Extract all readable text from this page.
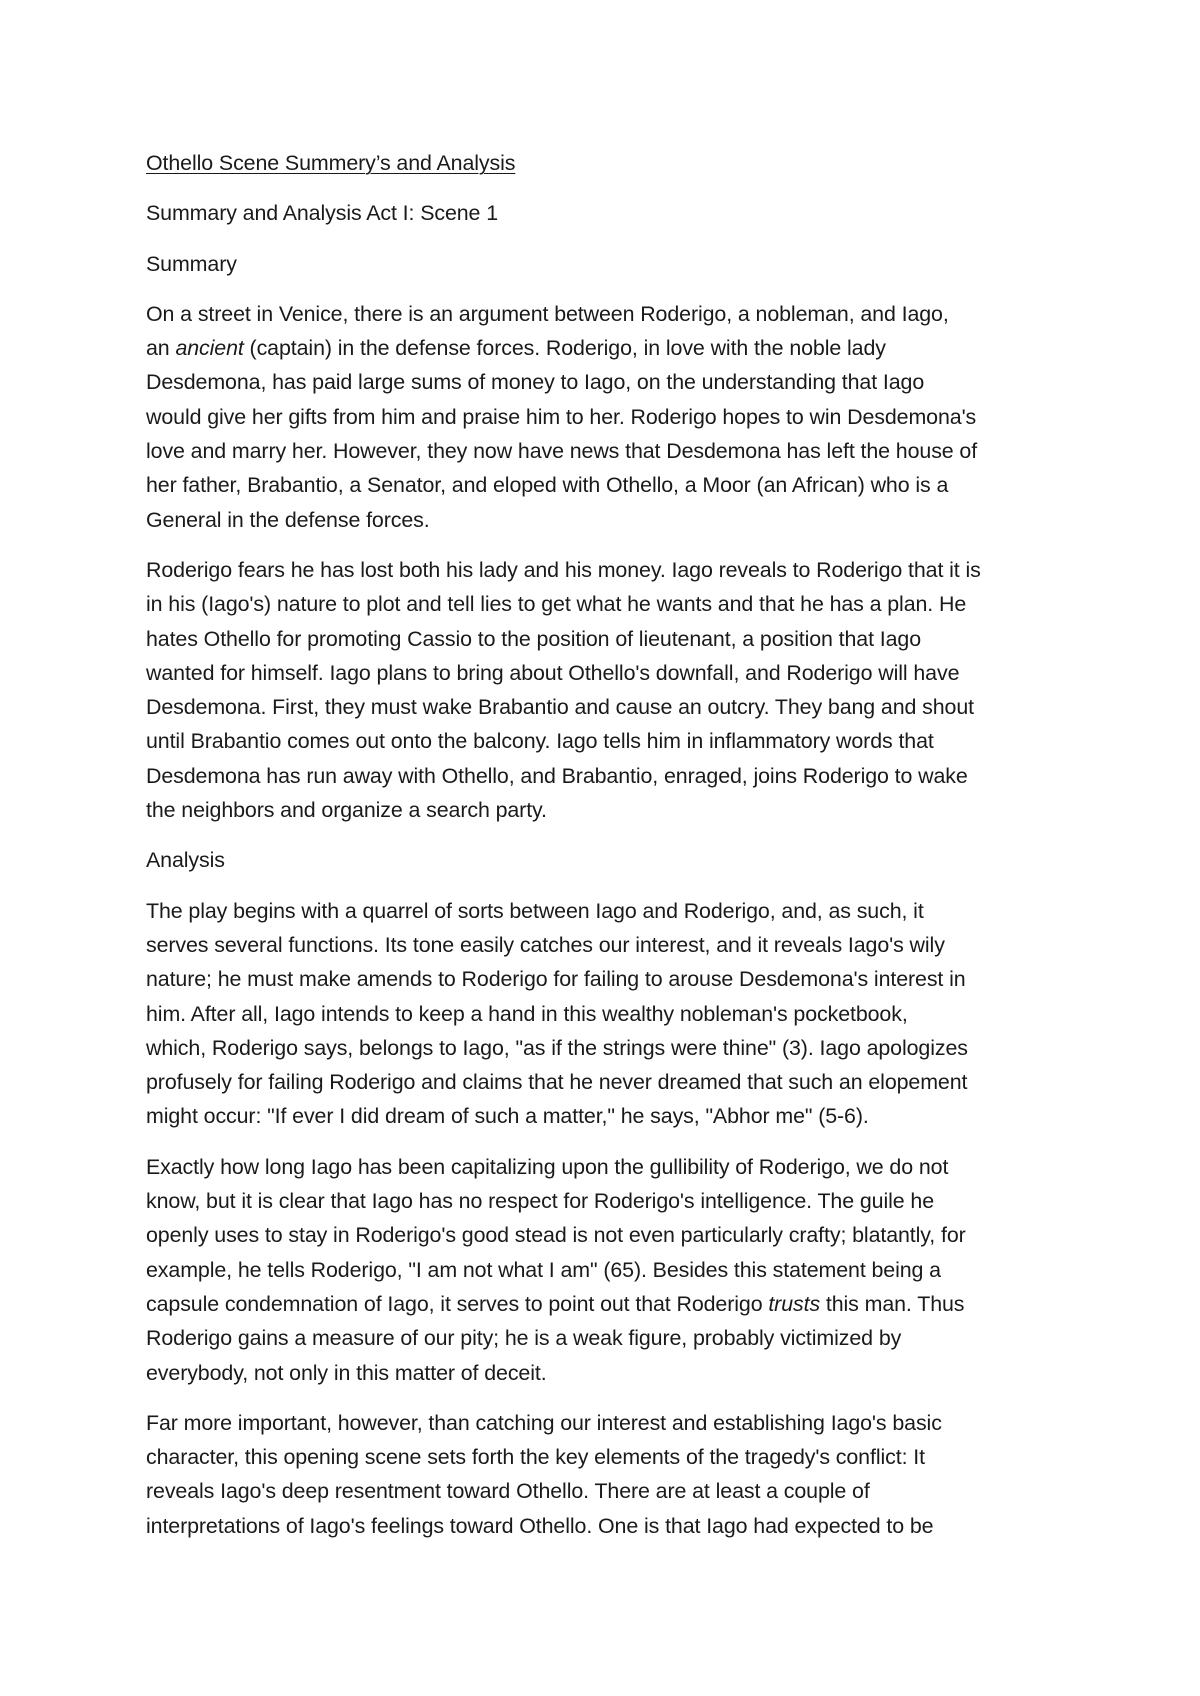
Othello Scene Summery’s and Analysis
Summary and Analysis Act I: Scene 1
Summary
On a street in Venice, there is an argument between Roderigo, a nobleman, and Iago,
an ancient (captain) in the defense forces. Roderigo, in love with the noble lady
Desdemona, has paid large sums of money to Iago, on the understanding that Iago
would give her gifts from him and praise him to her. Roderigo hopes to win Desdemona's
love and marry her. However, they now have news that Desdemona has left the house of
her father, Brabantio, a Senator, and eloped with Othello, a Moor (an African) who is a
General in the defense forces.
Roderigo fears he has lost both his lady and his money. Iago reveals to Roderigo that it is
in his (Iago's) nature to plot and tell lies to get what he wants and that he has a plan. He
hates Othello for promoting Cassio to the position of lieutenant, a position that Iago
wanted for himself. Iago plans to bring about Othello's downfall, and Roderigo will have
Desdemona. First, they must wake Brabantio and cause an outcry. They bang and shout
until Brabantio comes out onto the balcony. Iago tells him in inflammatory words that
Desdemona has run away with Othello, and Brabantio, enraged, joins Roderigo to wake
the neighbors and organize a search party.
Analysis
The play begins with a quarrel of sorts between Iago and Roderigo, and, as such, it
serves several functions. Its tone easily catches our interest, and it reveals Iago's wily
nature; he must make amends to Roderigo for failing to arouse Desdemona's interest in
him. After all, Iago intends to keep a hand in this wealthy nobleman's pocketbook,
which, Roderigo says, belongs to Iago, "as if the strings were thine" (3). Iago apologizes
profusely for failing Roderigo and claims that he never dreamed that such an elopement
might occur: "If ever I did dream of such a matter," he says, "Abhor me" (5-6).
Exactly how long Iago has been capitalizing upon the gullibility of Roderigo, we do not
know, but it is clear that Iago has no respect for Roderigo's intelligence. The guile he
openly uses to stay in Roderigo's good stead is not even particularly crafty; blatantly, for
example, he tells Roderigo, "I am not what I am" (65). Besides this statement being a
capsule condemnation of Iago, it serves to point out that Roderigo trusts this man. Thus
Roderigo gains a measure of our pity; he is a weak figure, probably victimized by
everybody, not only in this matter of deceit.
Far more important, however, than catching our interest and establishing Iago's basic
character, this opening scene sets forth the key elements of the tragedy's conflict: It
reveals Iago's deep resentment toward Othello. There are at least a couple of
interpretations of Iago's feelings toward Othello. One is that Iago had expected to be
